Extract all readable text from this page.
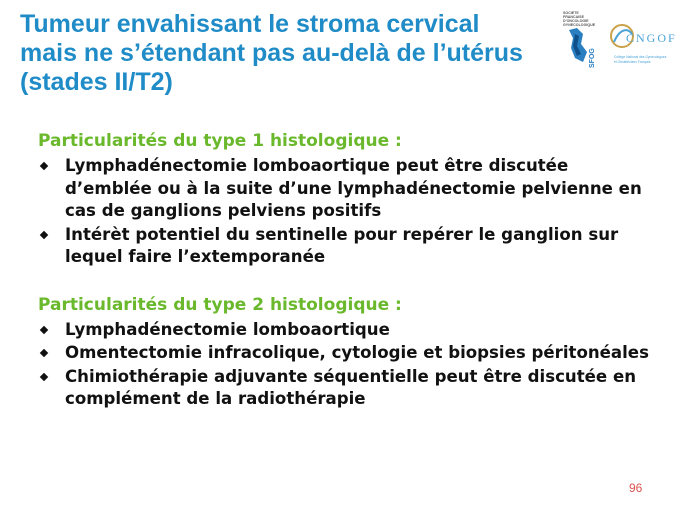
Tumeur envahissant le stroma cervical
mais ne s’étendant pas au-delà de l’utérus
(stades II/T2)
SOCIETE
FRANCAISE
D’ONCOLOGIE
GYNECOLOGIQUE
SFOG
CNGOF
Collège National des Gynécologues
et Obstétriciens Français
Particularités du type 1 histologique :
Lymphadénectomie lomboaortique peut être discutée
d’emblée ou à la suite d’une lymphadénectomie pelvienne en
cas de ganglions pelviens positifs
Intérèt potentiel du sentinelle pour repérer le ganglion sur
lequel faire l’extemporanée
Particularités du type 2 histologique :
Lymphadénectomie lomboaortique
Omentectomie infracolique, cytologie et biopsies péritonéales
Chimiothérapie adjuvante séquentielle peut être discutée en
complément de la radiothérapie
96
